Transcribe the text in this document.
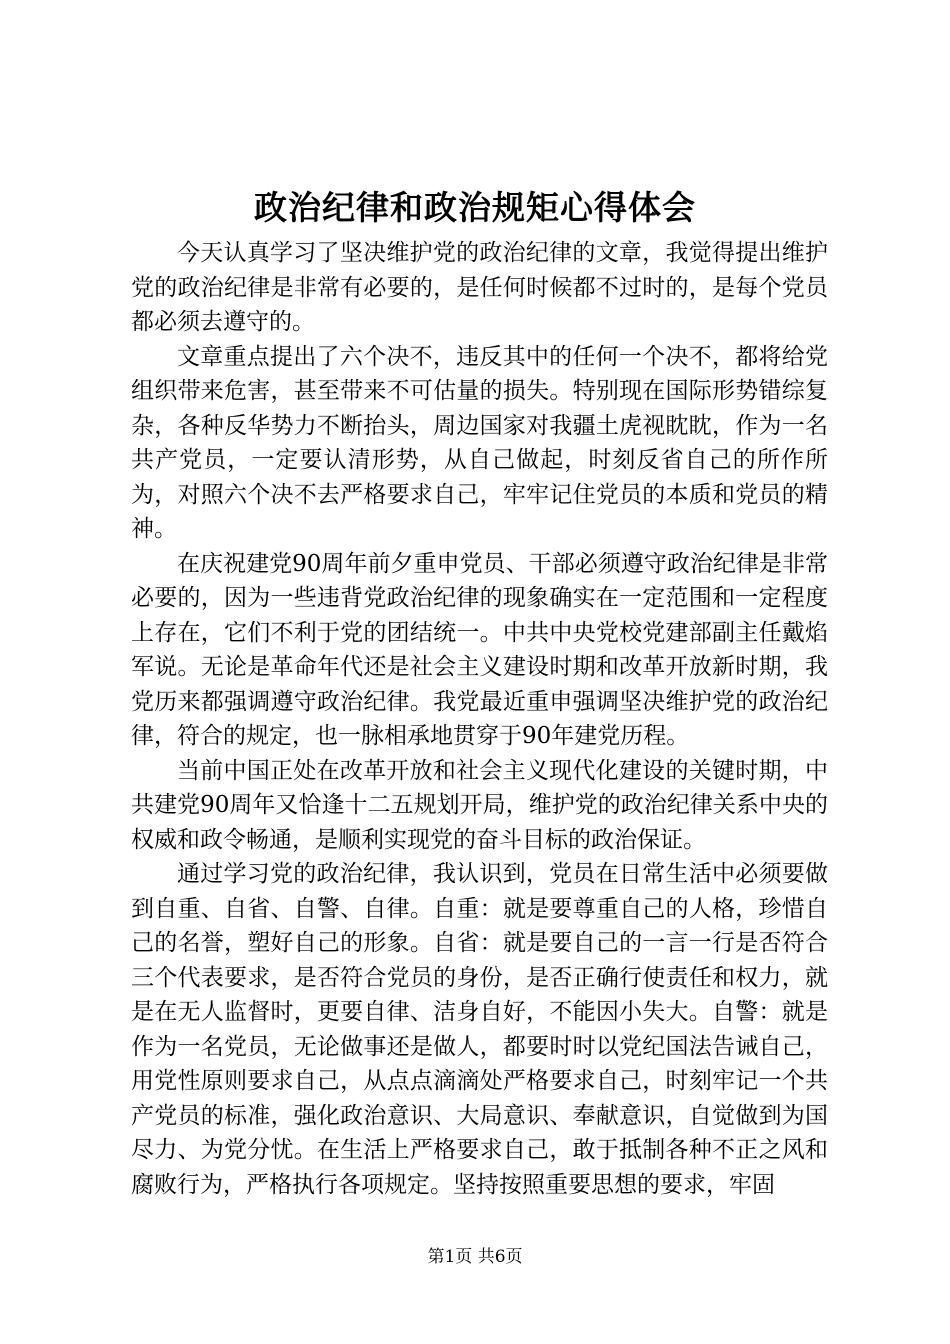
政治纪律和政治规矩心得体会

今天认真学习了坚决维护党的政治纪律的文章，我觉得提出维护党的政治纪律是非常有必要的，是任何时候都不过时的，是每个党员都必须去遵守的。

文章重点提出了六个决不，违反其中的任何一个决不，都将给党组织带来危害，甚至带来不可估量的损失。特别现在国际形势错综复杂，各种反华势力不断抬头，周边国家对我疆土虎视眈眈，作为一名共产党员，一定要认清形势，从自己做起，时刻反省自己的所作所为，对照六个决不去严格要求自己，牢牢记住党员的本质和党员的精神。

在庆祝建党90周年前夕重申党员、干部必须遵守政治纪律是非常必要的，因为一些违背党政治纪律的现象确实在一定范围和一定程度上存在，它们不利于党的团结统一。中共中央党校党建部副主任戴焰军说。无论是革命年代还是社会主义建设时期和改革开放新时期，我党历来都强调遵守政治纪律。我党最近重申强调坚决维护党的政治纪律，符合的规定，也一脉相承地贯穿于90年建党历程。

当前中国正处在改革开放和社会主义现代化建设的关键时期，中共建党90周年又恰逢十二五规划开局，维护党的政治纪律关系中央的权威和政令畅通，是顺利实现党的奋斗目标的政治保证。

通过学习党的政治纪律，我认识到，党员在日常生活中必须要做到自重、自省、自警、自律。自重：就是要尊重自己的人格，珍惜自己的名誉，塑好自己的形象。自省：就是要自己的一言一行是否符合三个代表要求，是否符合党员的身份，是否正确行使责任和权力，就是在无人监督时，更要自律、洁身自好，不能因小失大。自警：就是作为一名党员，无论做事还是做人，都要时时以党纪国法告诫自己，用党性原则要求自己，从点点滴滴处严格要求自己，时刻牢记一个共产党员的标准，强化政治意识、大局意识、奉献意识，自觉做到为国尽力、为党分忧。在生活上严格要求自己，敢于抵制各种不正之风和腐败行为，严格执行各项规定。坚持按照重要思想的要求，牢固

第1页 共6页
